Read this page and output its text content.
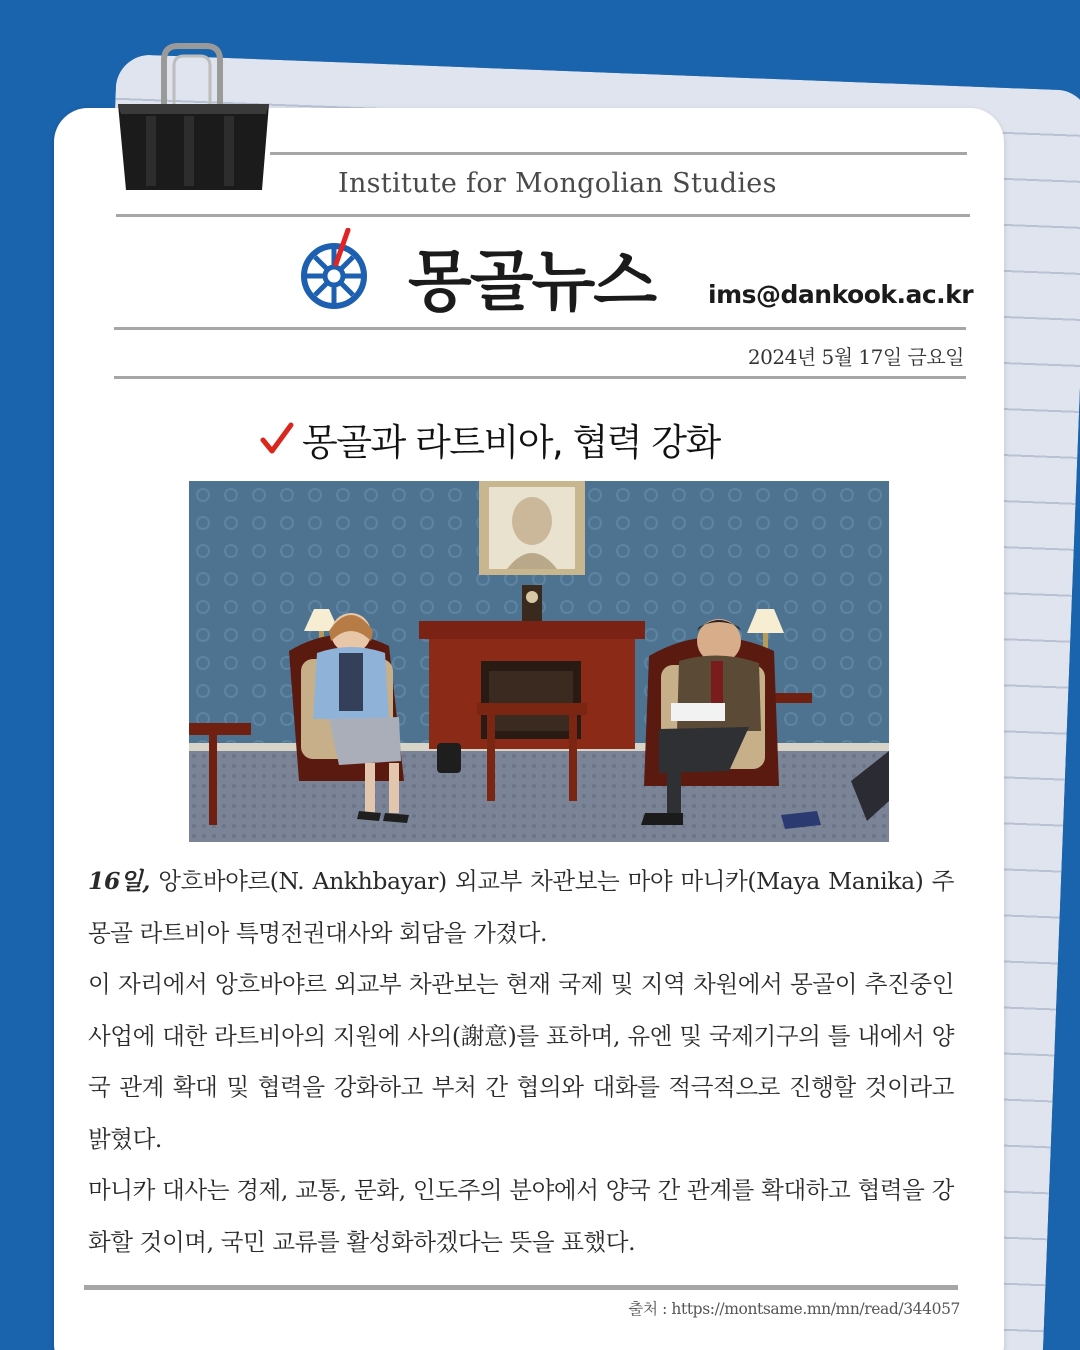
Institute for Mongolian Studies
몽골뉴스 ims@dankook.ac.kr
2024년 5월 17일 금요일
몽골과 라트비아, 협력 강화

16일, 앙흐바야르(N. Ankhbayar) 외교부 차관보는 마야 마니카(Maya Manika) 주 몽골 라트비아 특명전권대사와 회담을 가졌다.

이 자리에서 앙흐바야르 외교부 차관보는 현재 국제 및 지역 차원에서 몽골이 추진중인 사업에 대한 라트비아의 지원에 사의(謝意)를 표하며, 유엔 및 국제기구의 틀 내에서 양국 관계 확대 및 협력을 강화하고 부처 간 협의와 대화를 적극적으로 진행할 것이라고 밝혔다.

마니카 대사는 경제, 교통, 문화, 인도주의 분야에서 양국 간 관계를 확대하고 협력을 강화할 것이며, 국민 교류를 활성화하겠다는 뜻을 표했다.

출처 : https://montsame.mn/mn/read/344057
